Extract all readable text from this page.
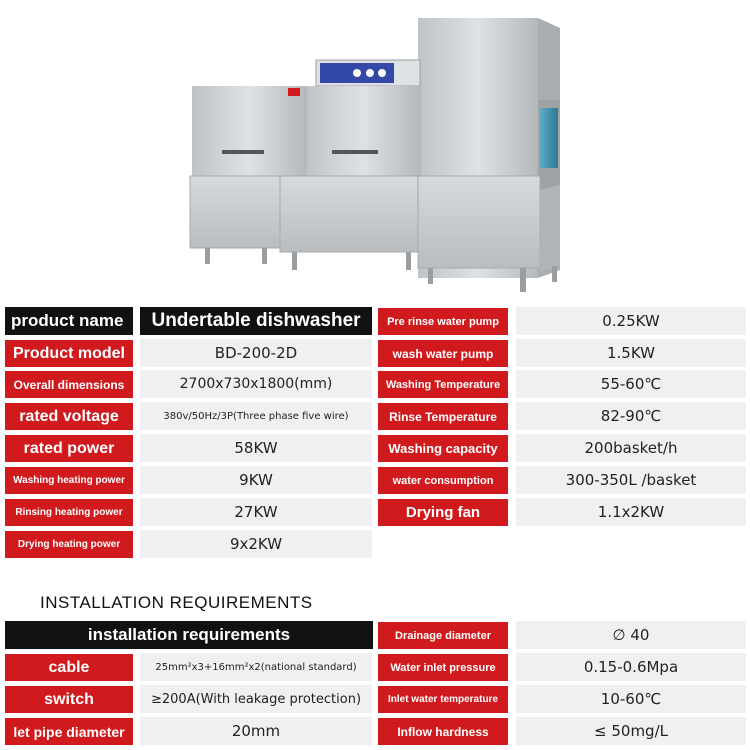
product name	Undertable dishwasher
Product model	BD-200-2D
Overall dimensions	2700x730x1800(mm)
rated voltage	380v/50Hz/3P(Three phase five wire)
rated power	58KW
Washing heating power	9KW
Rinsing heating power	27KW
Drying heating power	9x2KW
Pre rinse water pump	0.25KW
wash water pump	1.5KW
Washing Temperature	55-60℃
Rinse Temperature	82-90℃
Washing capacity	200basket/h
water consumption	300-350L /basket
Drying fan	1.1x2KW
INSTALLATION REQUIREMENTS
installation requirements
cable	25mm²x3+16mm²x2(national standard)
switch	≥200A(With leakage protection)
let pipe diameter	20mm
Drainage diameter	∅ 40
Water inlet pressure	0.15-0.6Mpa
Inlet water temperature	10-60℃
Inflow hardness	≤ 50mg/L
